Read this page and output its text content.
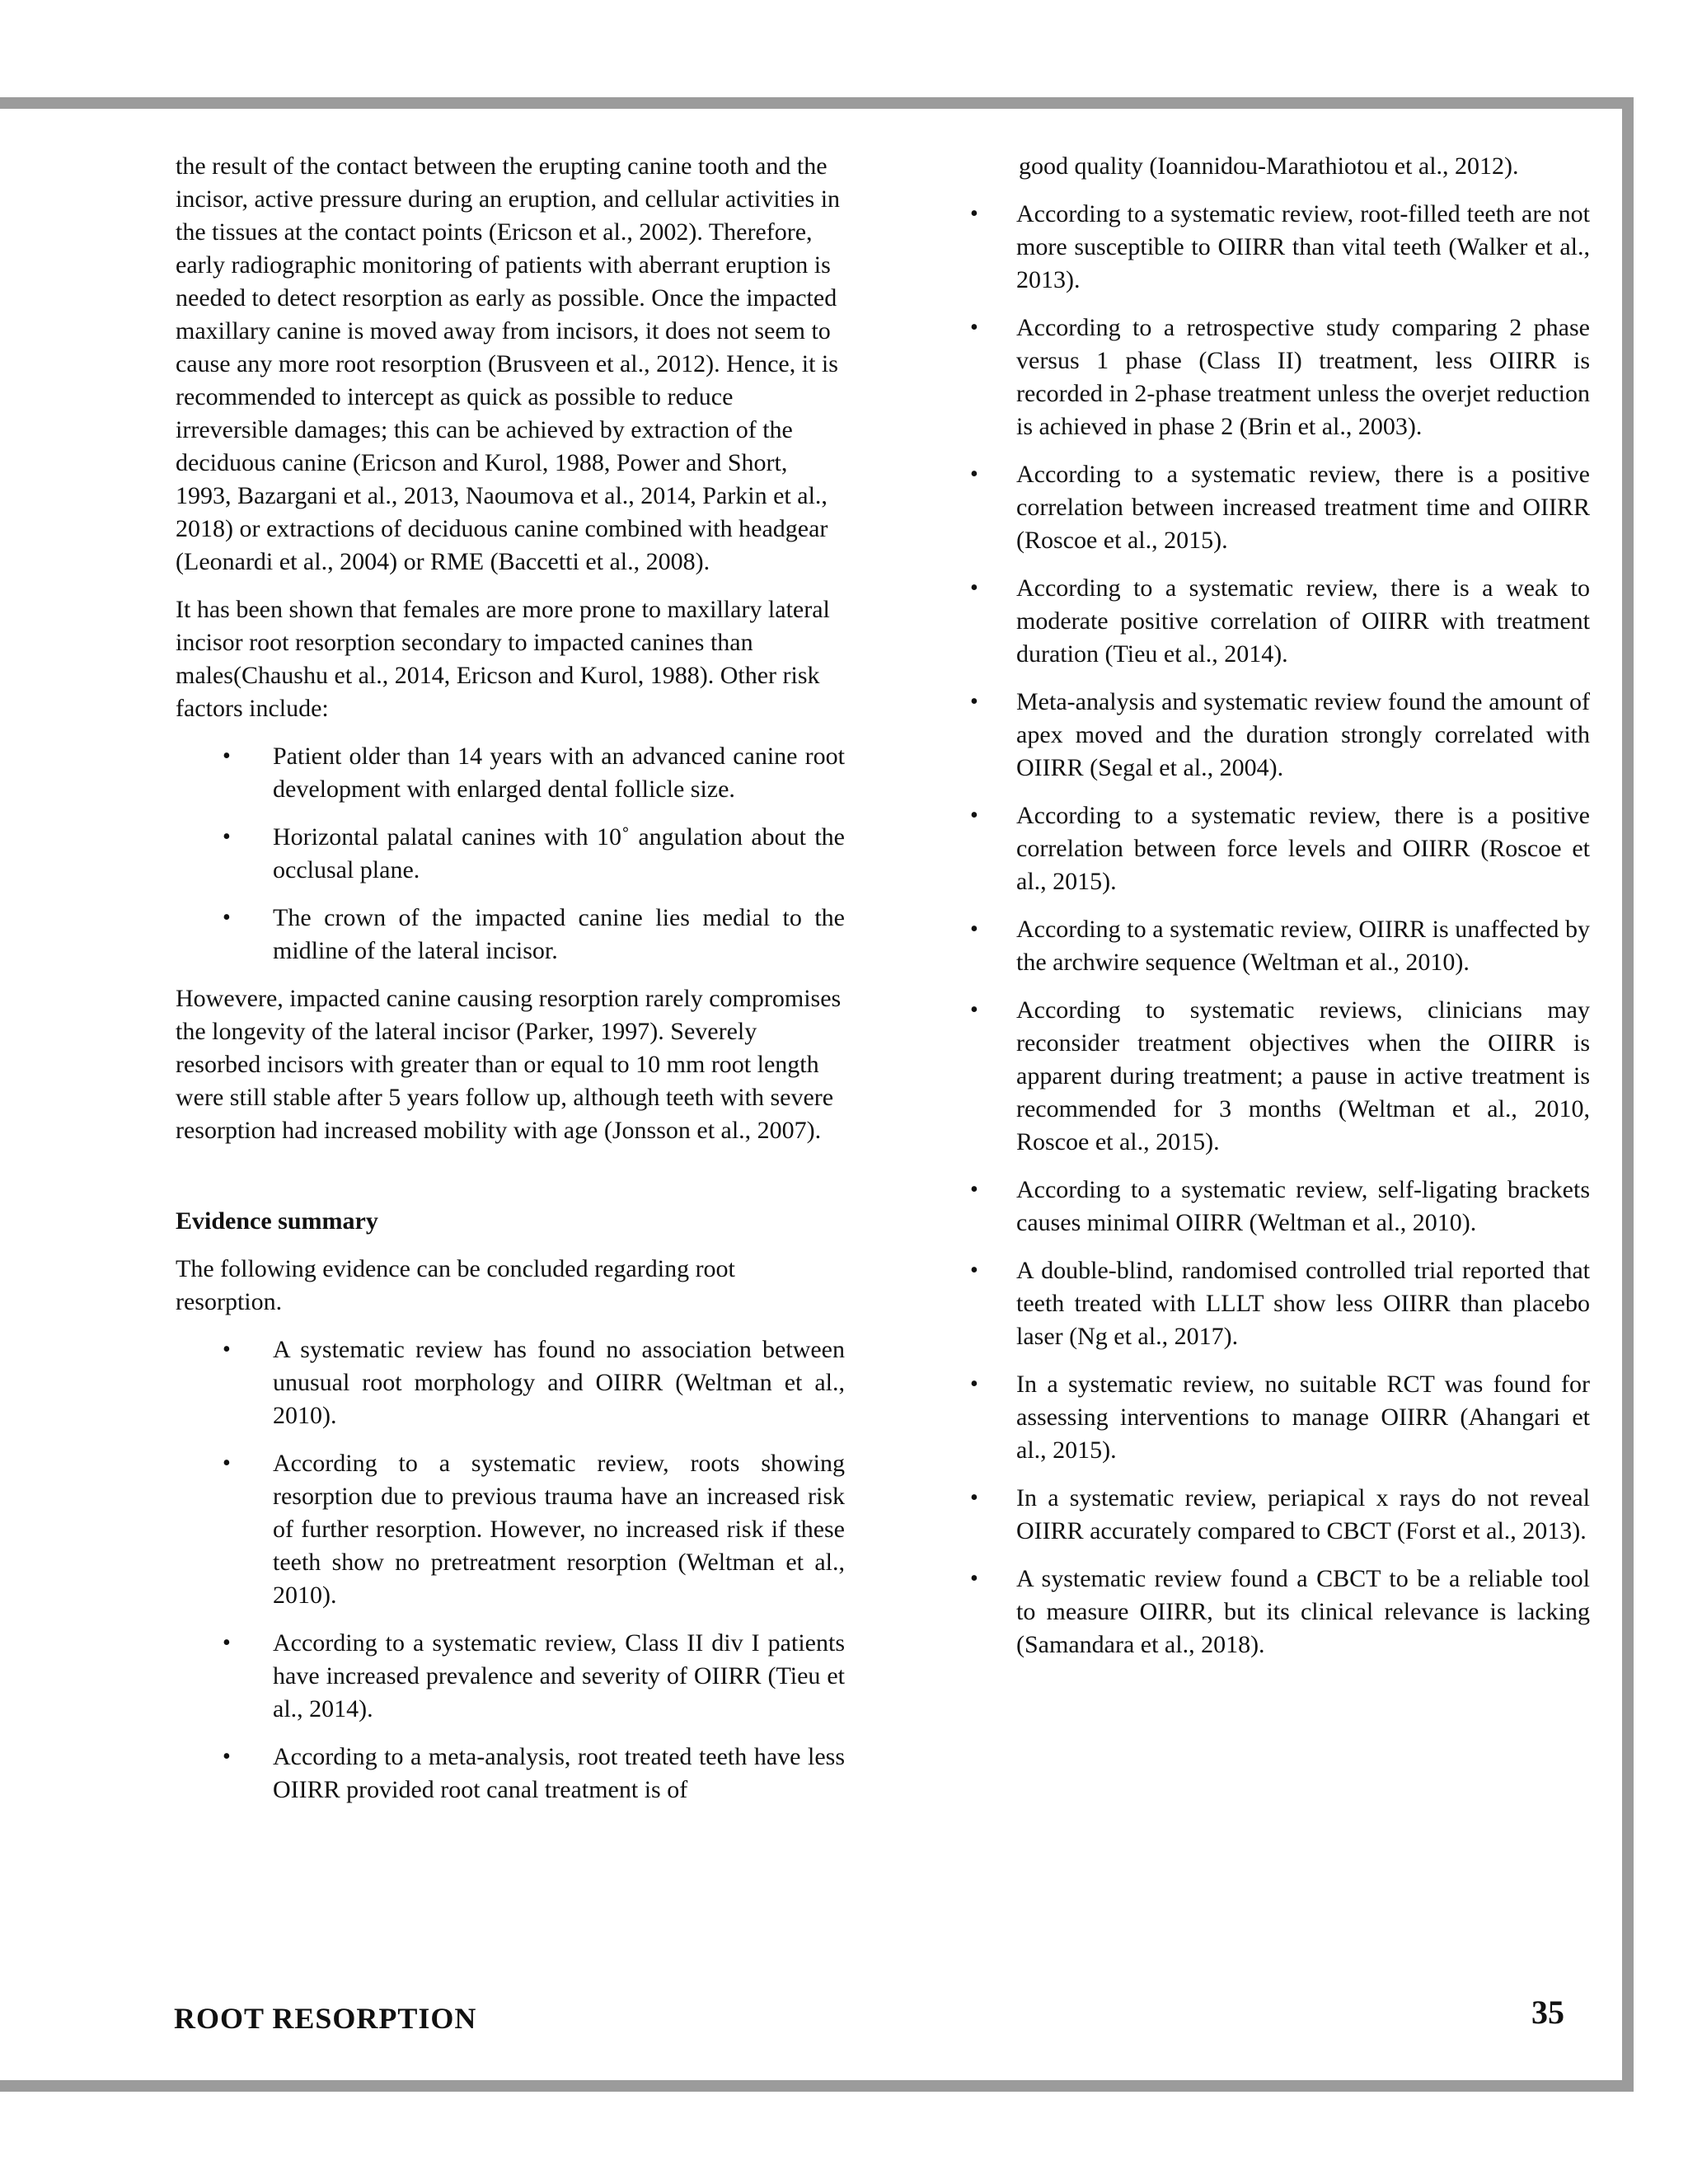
the result of the contact between the erupting canine tooth and the incisor, active pressure during an eruption, and cellular activities in the tissues at the contact points (Ericson et al., 2002). Therefore, early radiographic monitoring of patients with aberrant eruption is needed to detect resorption as early as possible. Once the impacted maxillary canine is moved away from incisors, it does not seem to cause any more root resorption (Brusveen et al., 2012). Hence, it is recommended to intercept as quick as possible to reduce irreversible damages; this can be achieved by extraction of the deciduous canine (Ericson and Kurol, 1988, Power and Short, 1993, Bazargani et al., 2013, Naoumova et al., 2014, Parkin et al., 2018) or extractions of deciduous canine combined with headgear (Leonardi et al., 2004) or RME (Baccetti et al., 2008).

It has been shown that females are more prone to maxillary lateral incisor root resorption secondary to impacted canines than males(Chaushu et al., 2014, Ericson and Kurol, 1988). Other risk factors include:

• Patient older than 14 years with an advanced canine root development with enlarged dental follicle size.
• Horizontal palatal canines with 10˚ angulation about the occlusal plane.
• The crown of the impacted canine lies medial to the midline of the lateral incisor.

Howevere, impacted canine causing resorption rarely compromises the longevity of the lateral incisor (Parker, 1997). Severely resorbed incisors with greater than or equal to 10 mm root length were still stable after 5 years follow up, although teeth with severe resorption had increased mobility with age (Jonsson et al., 2007).

Evidence summary

The following evidence can be concluded regarding root resorption.

• A systematic review has found no association between unusual root morphology and OIIRR (Weltman et al., 2010).
• According to a systematic review, roots showing resorption due to previous trauma have an increased risk of further resorption. However, no increased risk if these teeth show no pretreatment resorption (Weltman et al., 2010).
• According to a systematic review, Class II div I patients have increased prevalence and severity of OIIRR (Tieu et al., 2014).
• According to a meta-analysis, root treated teeth have less OIIRR provided root canal treatment is of

good quality (Ioannidou-Marathiotou et al., 2012).

• According to a systematic review, root-filled teeth are not more susceptible to OIIRR than vital teeth (Walker et al., 2013).
• According to a retrospective study comparing 2 phase versus 1 phase (Class II) treatment, less OIIRR is recorded in 2-phase treatment unless the overjet reduction is achieved in phase 2 (Brin et al., 2003).
• According to a systematic review, there is a positive correlation between increased treatment time and OIIRR (Roscoe et al., 2015).
• According to a systematic review, there is a weak to moderate positive correlation of OIIRR with treatment duration (Tieu et al., 2014).
• Meta-analysis and systematic review found the amount of apex moved and the duration strongly correlated with OIIRR (Segal et al., 2004).
• According to a systematic review, there is a positive correlation between force levels and OIIRR (Roscoe et al., 2015).
• According to a systematic review, OIIRR is unaffected by the archwire sequence (Weltman et al., 2010).
• According to systematic reviews, clinicians may reconsider treatment objectives when the OIIRR is apparent during treatment; a pause in active treatment is recommended for 3 months (Weltman et al., 2010, Roscoe et al., 2015).
• According to a systematic review, self-ligating brackets causes minimal OIIRR (Weltman et al., 2010).
• A double-blind, randomised controlled trial reported that teeth treated with LLLT show less OIIRR than placebo laser (Ng et al., 2017).
• In a systematic review, no suitable RCT was found for assessing interventions to manage OIIRR (Ahangari et al., 2015).
• In a systematic review, periapical x rays do not reveal OIIRR accurately compared to CBCT (Forst et al., 2013).
• A systematic review found a CBCT to be a reliable tool to measure OIIRR, but its clinical relevance is lacking (Samandara et al., 2018).
ROOT RESORPTION	35
